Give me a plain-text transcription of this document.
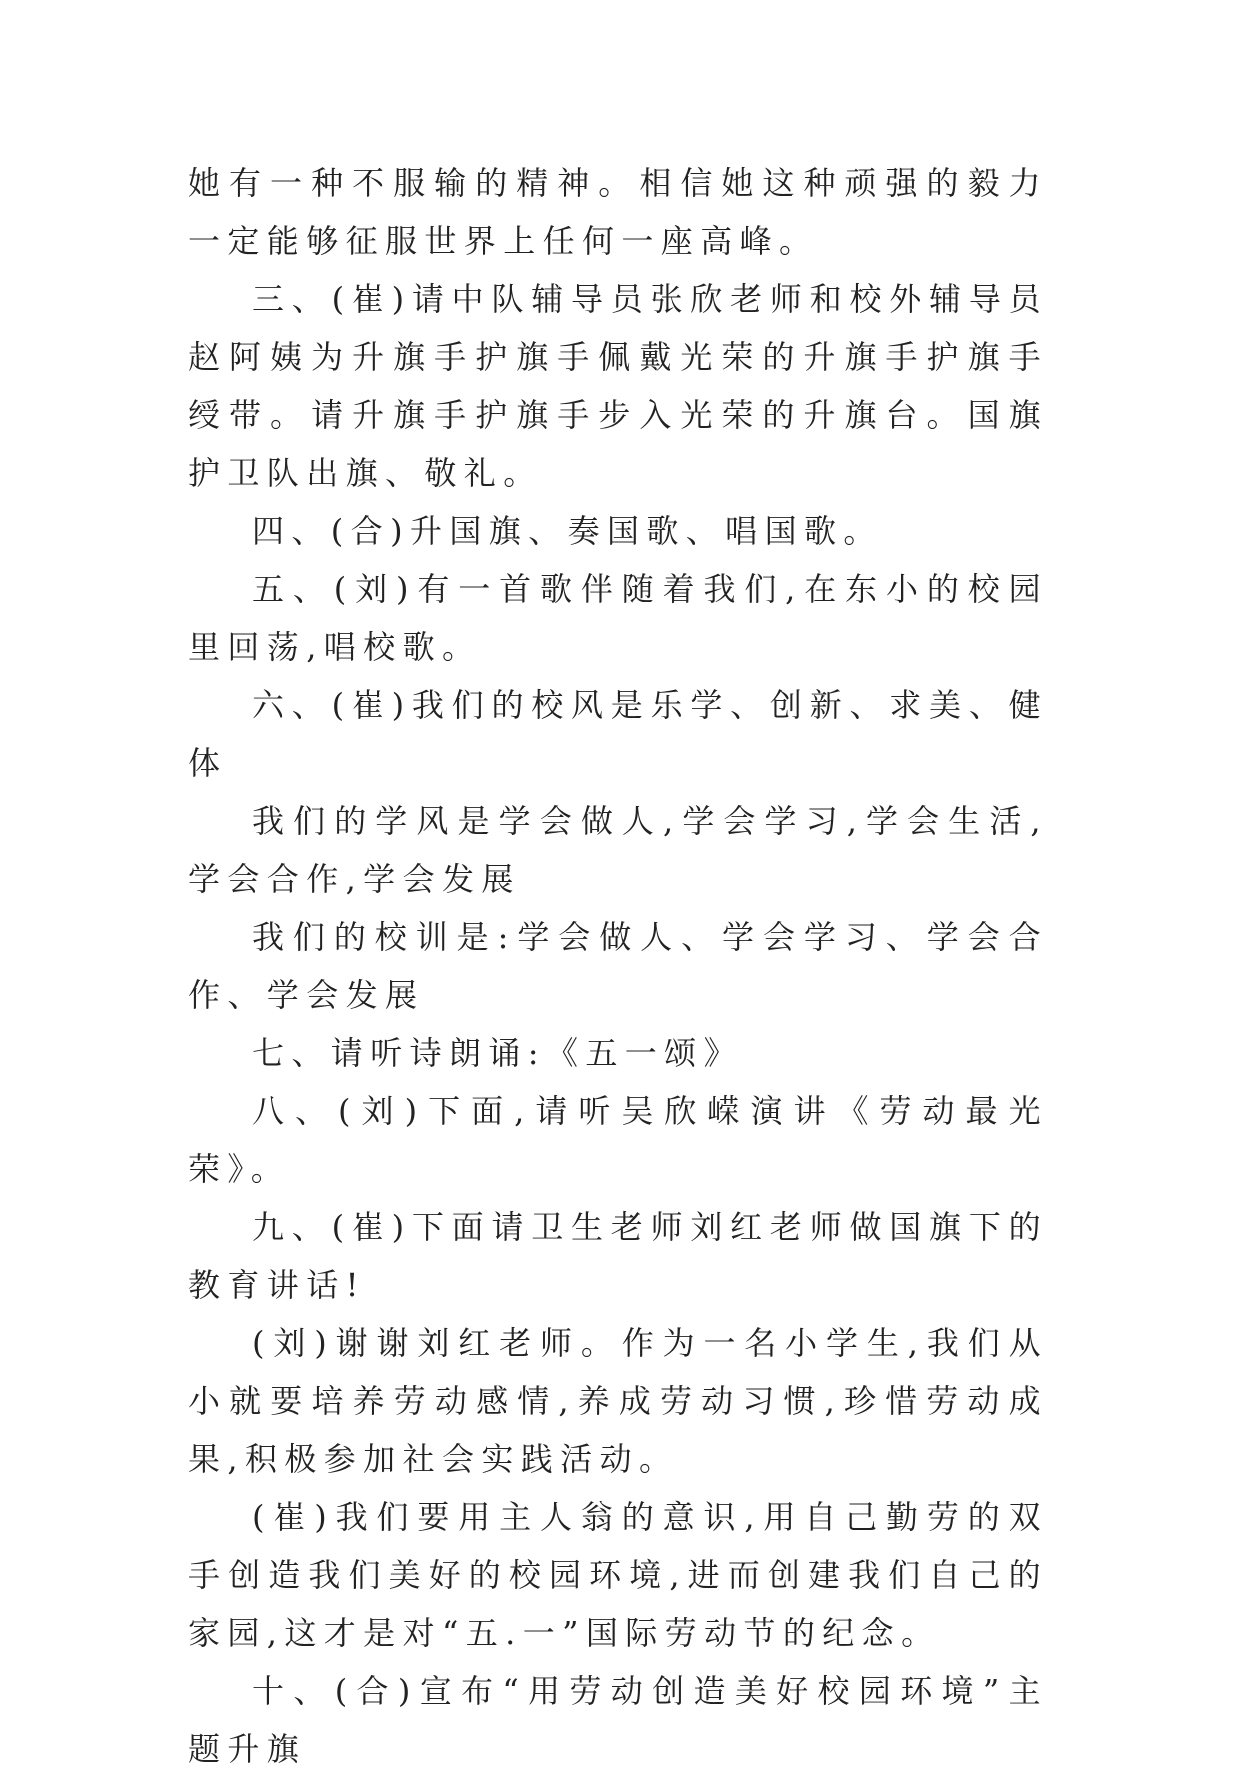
她有一种不服输的精神。相信她这种顽强的毅力一定能够征服世界上任何一座高峰。

三、(崔)请中队辅导员张欣老师和校外辅导员赵阿姨为升旗手护旗手佩戴光荣的升旗手护旗手绶带。请升旗手护旗手步入光荣的升旗台。国旗护卫队出旗、敬礼。

四、(合)升国旗、奏国歌、唱国歌。

五、(刘)有一首歌伴随着我们,在东小的校园里回荡,唱校歌。

六、(崔)我们的校风是乐学、创新、求美、健体

我们的学风是学会做人,学会学习,学会生活,学会合作,学会发展

我们的校训是:学会做人、学会学习、学会合作、学会发展

七、请听诗朗诵:《五一颂》

八、(刘)下面,请听吴欣嵘演讲《劳动最光荣》。

九、(崔)下面请卫生老师刘红老师做国旗下的教育讲话!

(刘)谢谢刘红老师。作为一名小学生,我们从小就要培养劳动感情,养成劳动习惯,珍惜劳动成果,积极参加社会实践活动。

(崔)我们要用主人翁的意识,用自己勤劳的双手创造我们美好的校园环境,进而创建我们自己的家园,这才是对“五.一”国际劳动节的纪念。

十、(合)宣布“用劳动创造美好校园环境”主题升旗
